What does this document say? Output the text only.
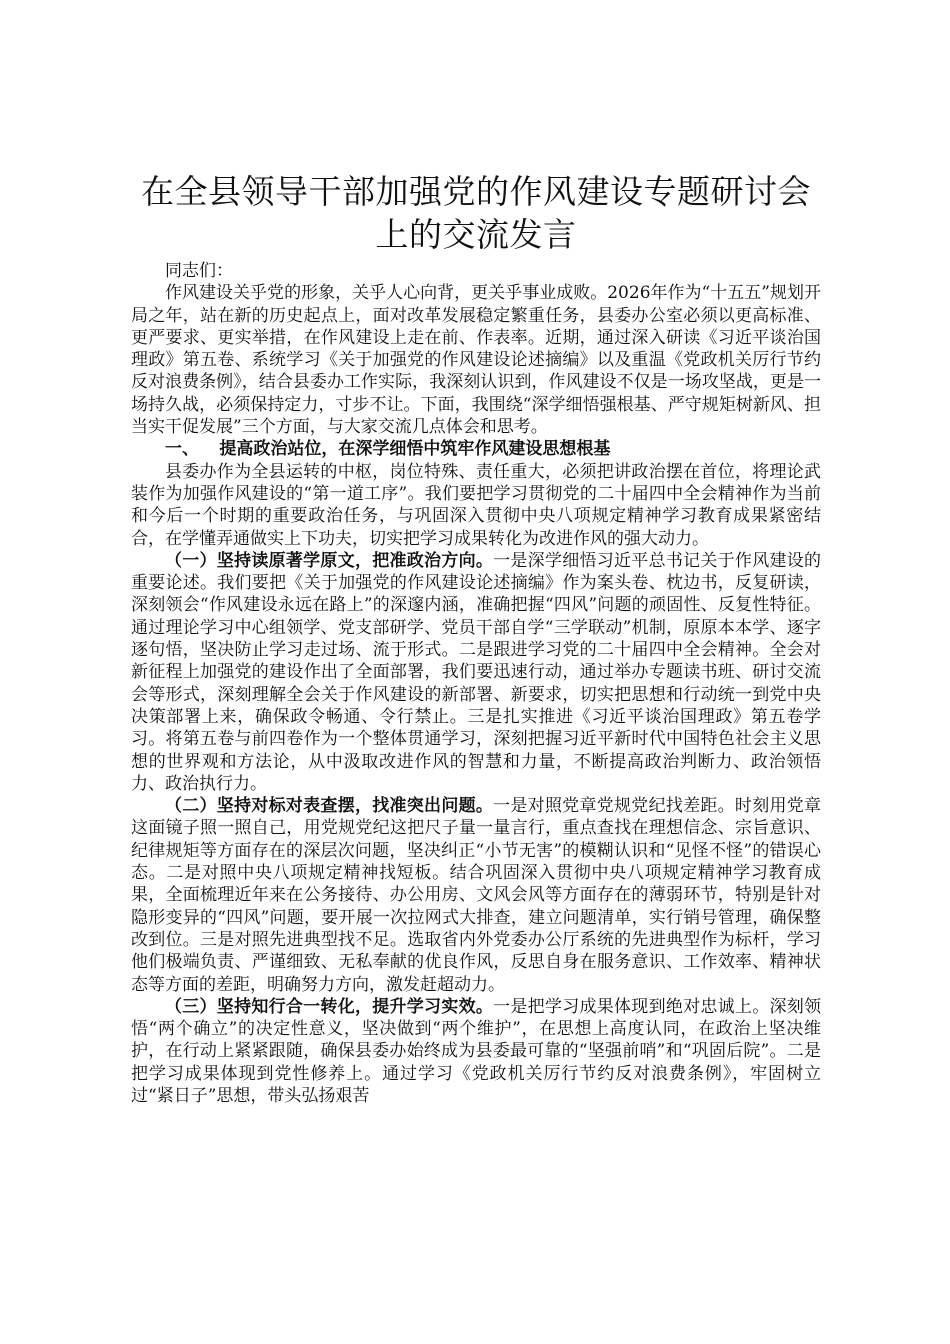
在全县领导干部加强党的作风建设专题研讨会上的交流发言

同志们：

作风建设关乎党的形象，关乎人心向背，更关乎事业成败。2026年作为“十五五”规划开局之年，站在新的历史起点上，面对改革发展稳定繁重任务，县委办公室必须以更高标准、更严要求、更实举措，在作风建设上走在前、作表率。近期，通过深入研读《习近平谈治国理政》第五卷、系统学习《关于加强党的作风建设论述摘编》以及重温《党政机关厉行节约反对浪费条例》，结合县委办工作实际，我深刻认识到，作风建设不仅是一场攻坚战，更是一场持久战，必须保持定力，寸步不让。下面，我围绕“深学细悟强根基、严守规矩树新风、担当实干促发展”三个方面，与大家交流几点体会和思考。

一、 提高政治站位，在深学细悟中筑牢作风建设思想根基

县委办作为全县运转的中枢，岗位特殊、责任重大，必须把讲政治摆在首位，将理论武装作为加强作风建设的“第一道工序”。我们要把学习贯彻党的二十届四中全会精神作为当前和今后一个时期的重要政治任务，与巩固深入贯彻中央八项规定精神学习教育成果紧密结合，在学懂弄通做实上下功夫，切实把学习成果转化为改进作风的强大动力。

（一）坚持读原著学原文，把准政治方向。一是深学细悟习近平总书记关于作风建设的重要论述。我们要把《关于加强党的作风建设论述摘编》作为案头卷、枕边书，反复研读，深刻领会“作风建设永远在路上”的深邃内涵，准确把握“四风”问题的顽固性、反复性特征。通过理论学习中心组领学、党支部研学、党员干部自学“三学联动”机制，原原本本学、逐字逐句悟，坚决防止学习走过场、流于形式。二是跟进学习党的二十届四中全会精神。全会对新征程上加强党的建设作出了全面部署，我们要迅速行动，通过举办专题读书班、研讨交流会等形式，深刻理解全会关于作风建设的新部署、新要求，切实把思想和行动统一到党中央决策部署上来，确保政令畅通、令行禁止。三是扎实推进《习近平谈治国理政》第五卷学习。将第五卷与前四卷作为一个整体贯通学习，深刻把握习近平新时代中国特色社会主义思想的世界观和方法论，从中汲取改进作风的智慧和力量，不断提高政治判断力、政治领悟力、政治执行力。

（二）坚持对标对表查摆，找准突出问题。一是对照党章党规党纪找差距。时刻用党章这面镜子照一照自己，用党规党纪这把尺子量一量言行，重点查找在理想信念、宗旨意识、纪律规矩等方面存在的深层次问题，坚决纠正“小节无害”的模糊认识和“见怪不怪”的错误心态。二是对照中央八项规定精神找短板。结合巩固深入贯彻中央八项规定精神学习教育成果，全面梳理近年来在公务接待、办公用房、文风会风等方面存在的薄弱环节，特别是针对隐形变异的“四风”问题，要开展一次拉网式大排查，建立问题清单，实行销号管理，确保整改到位。三是对照先进典型找不足。选取省内外党委办公厅系统的先进典型作为标杆，学习他们极端负责、严谨细致、无私奉献的优良作风，反思自身在服务意识、工作效率、精神状态等方面的差距，明确努力方向，激发赶超动力。

（三）坚持知行合一转化，提升学习实效。一是把学习成果体现到绝对忠诚上。深刻领悟“两个确立”的决定性意义，坚决做到“两个维护”，在思想上高度认同，在政治上坚决维护，在行动上紧紧跟随，确保县委办始终成为县委最可靠的“坚强前哨”和“巩固后院”。二是把学习成果体现到党性修养上。通过学习《党政机关厉行节约反对浪费条例》，牢固树立过“紧日子”思想，带头弘扬艰苦
